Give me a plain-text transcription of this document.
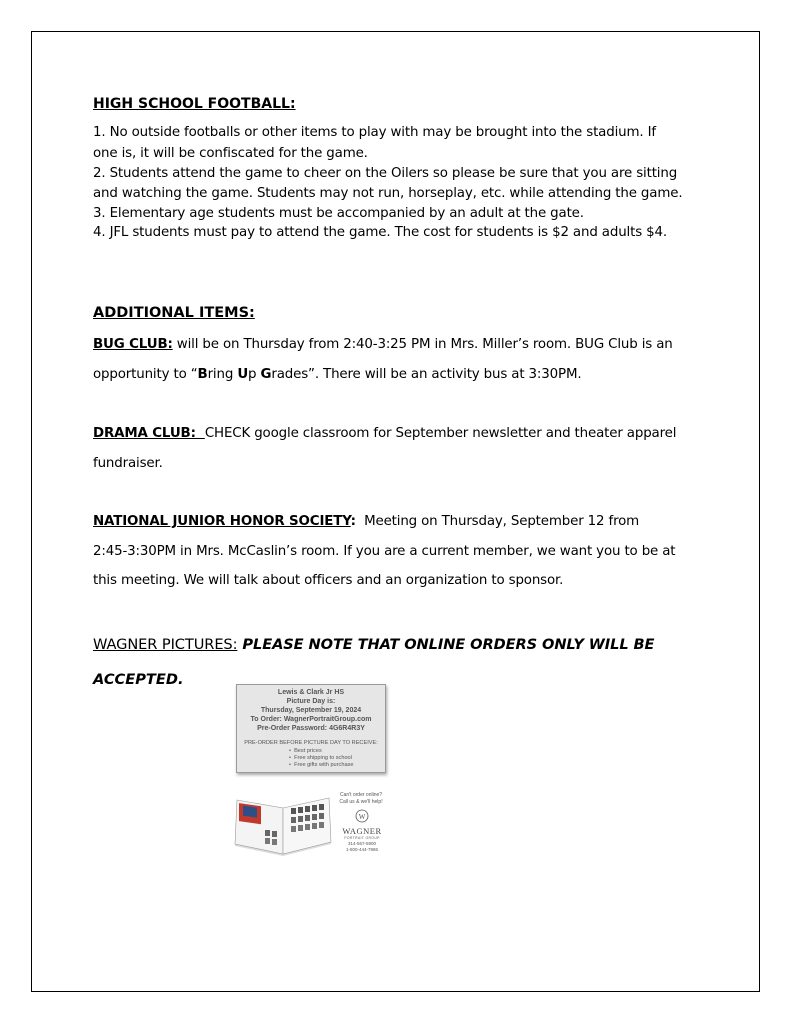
HIGH SCHOOL FOOTBALL:
1. No outside footballs or other items to play with may be brought into the stadium. If
one is, it will be confiscated for the game.
2. Students attend the game to cheer on the Oilers so please be sure that you are sitting
and watching the game. Students may not run, horseplay, etc. while attending the game.
3. Elementary age students must be accompanied by an adult at the gate.
4. JFL students must pay to attend the game. The cost for students is $2 and adults $4.
ADDITIONAL ITEMS:
BUG CLUB: will be on Thursday from 2:40-3:25 PM in Mrs. Miller’s room. BUG Club is an
opportunity to “Bring Up Grades”. There will be an activity bus at 3:30PM.
DRAMA CLUB:  CHECK google classroom for September newsletter and theater apparel
fundraiser.
NATIONAL JUNIOR HONOR SOCIETY:  Meeting on Thursday, September 12 from
2:45-3:30PM in Mrs. McCaslin’s room. If you are a current member, we want you to be at
this meeting. We will talk about officers and an organization to sponsor.
WAGNER PICTURES: PLEASE NOTE THAT ONLINE ORDERS ONLY WILL BE
ACCEPTED.
Lewis & Clark Jr HS
Picture Day is:
Thursday, September 19, 2024
To Order: WagnerPortraitGroup.com
Pre-Order Password: 4G6R4R3Y
PRE-ORDER BEFORE PICTURE DAY TO RECEIVE:
•  Best prices
•  Free shipping to school
•  Free gifts with purchase
Can't order online?
Call us & we'll help!
W
WAGNER
PORTRAIT GROUP
314-567-5900
1-800-444-7986
